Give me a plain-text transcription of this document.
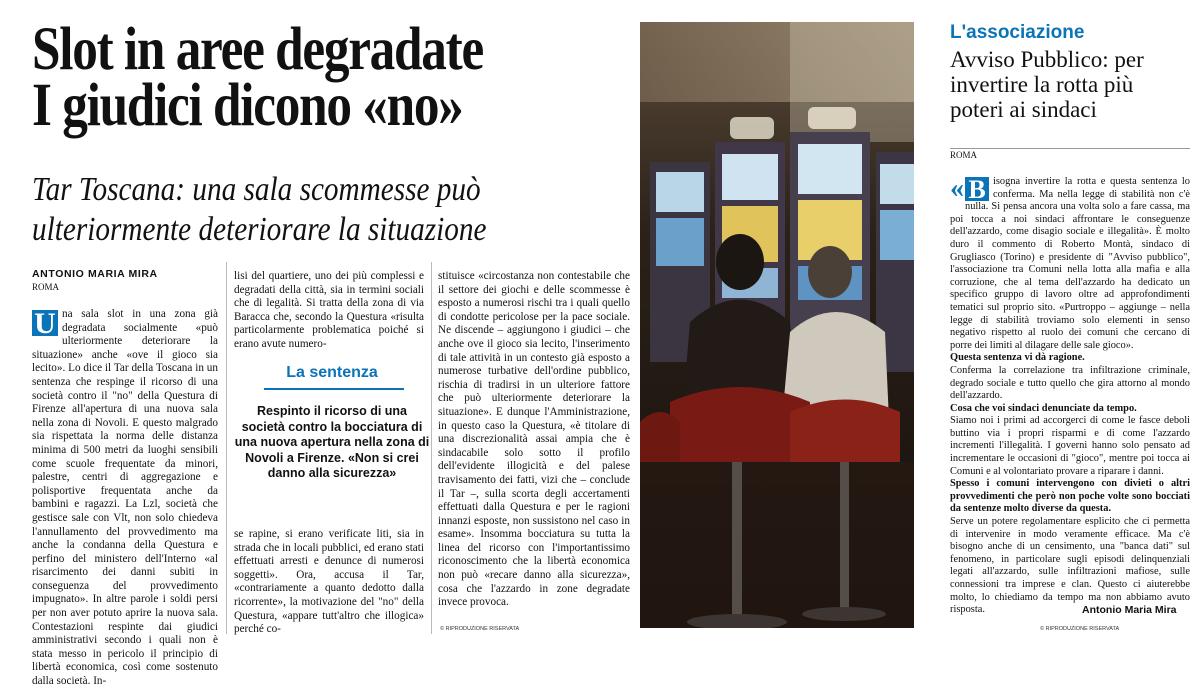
Slot in aree degradate
I giudici dicono «no»
Tar Toscana: una sala scommesse può
ulteriormente deteriorare la situazione
ANTONIO MARIA MIRA
ROMA
U na sala slot in una zona già degradata socialmente «può ulteriormente deteriorare la situazione» anche «ove il gioco sia lecito». Lo dice il Tar della Toscana in un sentenza che respinge il ricorso di una società contro il "no" della Questura di Firenze all'apertura di una nuova sala nella zona di Novoli. E questo malgrado sia rispettata la norma delle distanza minima di 500 metri da luoghi sensibili come scuole frequentate da minori, palestre, centri di aggregazione e polisportive frequentata anche da bambini e ragazzi. La Lzl, società che gestisce sale con Vlt, non solo chiedeva l'annullamento del provvedimento ma anche la condanna della Questura e perfino del ministero dell'Interno «al risarcimento dei danni subiti in conseguenza del provvedimento impugnato». In altre parole i soldi persi per non aver potuto aprire la nuova sala. Contestazioni respinte dai giudici amministrativi secondo i quali non è stata messo in pericolo il principio di libertà economica, così come sostenuto dalla società. In-
lisi del quartiere, uno dei più complessi e degradati della città, sia in termini sociali che di legalità. Si tratta della zona di via Baracca che, secondo la Questura «risulta particolarmente problematica poiché si erano avute numero-
La sentenza
Respinto il ricorso di una società contro la bocciatura di una nuova apertura nella zona di Novoli a Firenze. «Non si crei danno alla sicurezza»
se rapine, si erano verificate liti, sia in strada che in locali pubblici, ed erano stati effettuati arresti e denunce di numerosi soggetti». Ora, accusa il Tar, «contrariamente a quanto dedotto dalla ricorrente», la motivazione del "no" della Questura, «appare tutt'altro che illogica» perché co-
stituisce «circostanza non contestabile che il settore dei giochi e delle scommesse è esposto a numerosi rischi tra i quali quello di condotte pericolose per la pace sociale. Ne discende – aggiungono i giudici – che anche ove il gioco sia lecito, l'inserimento di tale attività in un contesto già esposto a numerose turbative dell'ordine pubblico, rischia di tradirsi in un ulteriore fattore che può ulteriormente deteriorare la situazione». E dunque l'Amministrazione, in questo caso la Questura, «è titolare di una discrezionalità assai ampia che è sindacabile solo sotto il profilo dell'evidente illogicità e del palese travisamento dei fatti, vizi che – conclude il Tar –, sulla scorta degli accertamenti effettuati dalla Questura e per le ragioni innanzi esposte, non sussistono nel caso in esame». Insomma bocciatura su tutta la linea del ricorso con l'importantissimo riconoscimento che la libertà economica non può «recare danno alla sicurezza», cosa che l'azzardo in zone degradate invece provoca.
© RIPRODUZIONE RISERVATA
L'associazione
Avviso Pubblico: per invertire la rotta più poteri ai sindaci
ROMA
« B isogna invertire la rotta e questa sentenza lo conferma. Ma nella legge di stabilità non c'è nulla. Si pensa ancora una volta solo a fare cassa, ma poi tocca a noi sindaci affrontare le conseguenze dell'azzardo, come disagio sociale e illegalità». È molto duro il commento di Roberto Montà, sindaco di Grugliasco (Torino) e presidente di "Avviso pubblico", l'associazione tra Comuni nella lotta alla mafia e alla corruzione, che al tema dell'azzardo ha dedicato un specifico gruppo di lavoro oltre ad approfondimenti tematici sul proprio sito. «Purtroppo – aggiunge – nella legge di stabilità troviamo solo elementi in senso negativo rispetto al ruolo dei comuni che cercano di porre dei limiti al dilagare delle sale gioco».
Questa sentenza vi dà ragione.
Conferma la correlazione tra infiltrazione criminale, degrado sociale e tutto quello che gira attorno al mondo dell'azzardo.
Cosa che voi sindaci denunciate da tempo.
Siamo noi i primi ad accorgerci di come le fasce deboli buttino via i propri risparmi e di come l'azzardo incrementi l'illegalità. I governi hanno solo pensato ad incrementare le occasioni di "gioco", mentre poi tocca ai Comuni e al volontariato provare a riparare i danni.
Spesso i comuni intervengono con divieti o altri provvedimenti che però non poche volte sono bocciati da sentenze molto diverse da questa.
Serve un potere regolamentare esplicito che ci permetta di intervenire in modo veramente efficace. Ma c'è bisogno anche di un censimento, una "banca dati" sul fenomeno, in particolare sugli episodi delinquenziali legati all'azzardo, sulle infiltrazioni mafiose, sulle connessioni tra imprese e clan. Questo ci aiuterebbe molto, lo chiediamo da tempo ma non abbiamo avuto risposta.	Antonio Maria Mira
© RIPRODUZIONE RISERVATA
